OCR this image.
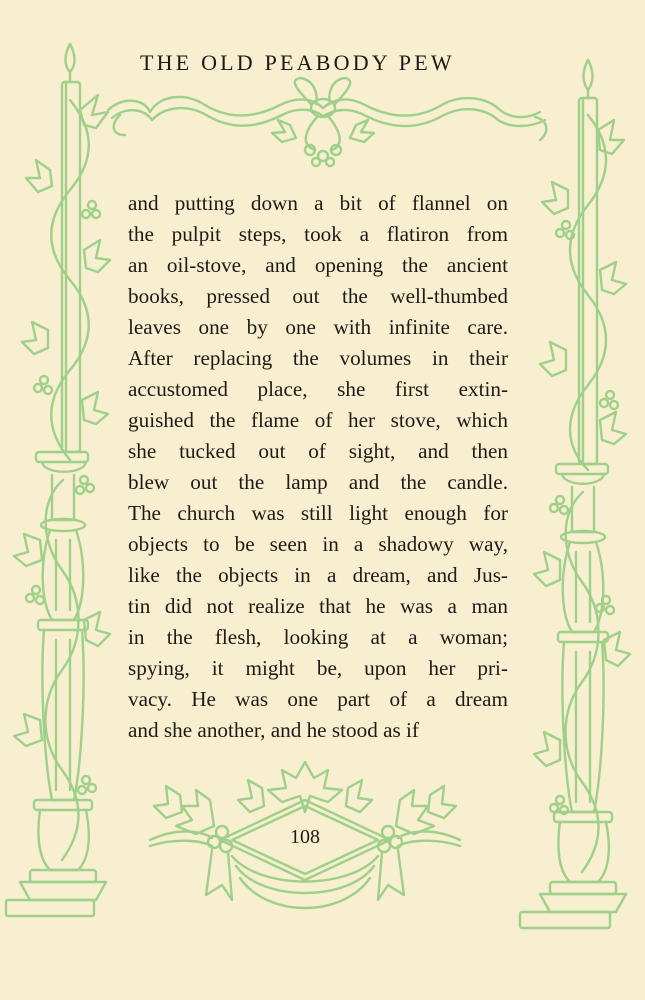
THE OLD PEABODY PEW
and putting down a bit of flannel on
the pulpit steps, took a flatiron from
an oil-stove, and opening the ancient
books, pressed out the well-thumbed
leaves one by one with infinite care.
After replacing the volumes in their
accustomed place, she first extin-
guished the flame of her stove, which
she tucked out of sight, and then
blew out the lamp and the candle.
The church was still light enough for
objects to be seen in a shadowy way,
like the objects in a dream, and Jus-
tin did not realize that he was a man
in the flesh, looking at a woman;
spying, it might be, upon her pri-
vacy. He was one part of a dream
and she another, and he stood as if
108
